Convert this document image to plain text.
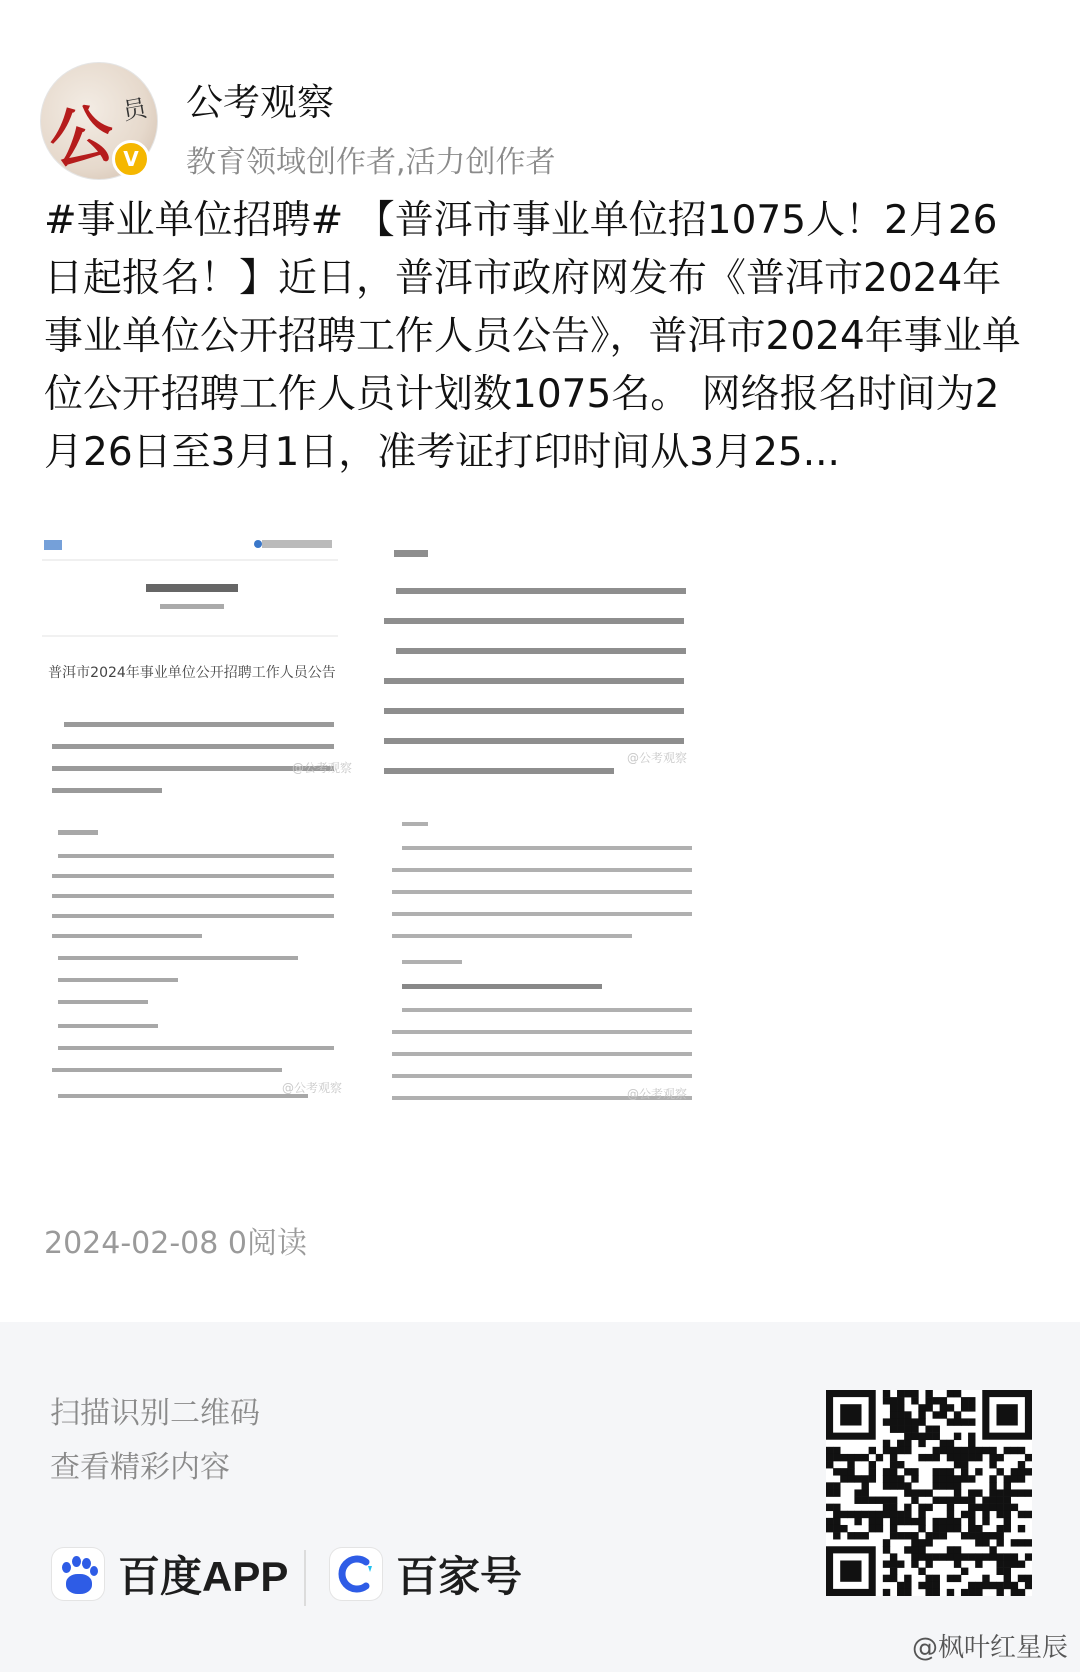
公务
员
V
公考观察
教育领域创作者,活力创作者
#事业单位招聘# 【普洱市事业单位招1075人！2月26日起报名！】近日，普洱市政府网发布《普洱市2024年事业单位公开招聘工作人员公告》，普洱市2024年事业单位公开招聘工作人员计划数1075名。 网络报名时间为2月26日至3月1日，准考证打印时间从3月25...
普洱市2024年事业单位公开招聘工作人员公告
@公考观察
@公考观察
@公考观察
@公考观察
2024-02-08 0阅读
扫描识别二维码
查看精彩内容
百度APP	百家号
@枫叶红星辰
